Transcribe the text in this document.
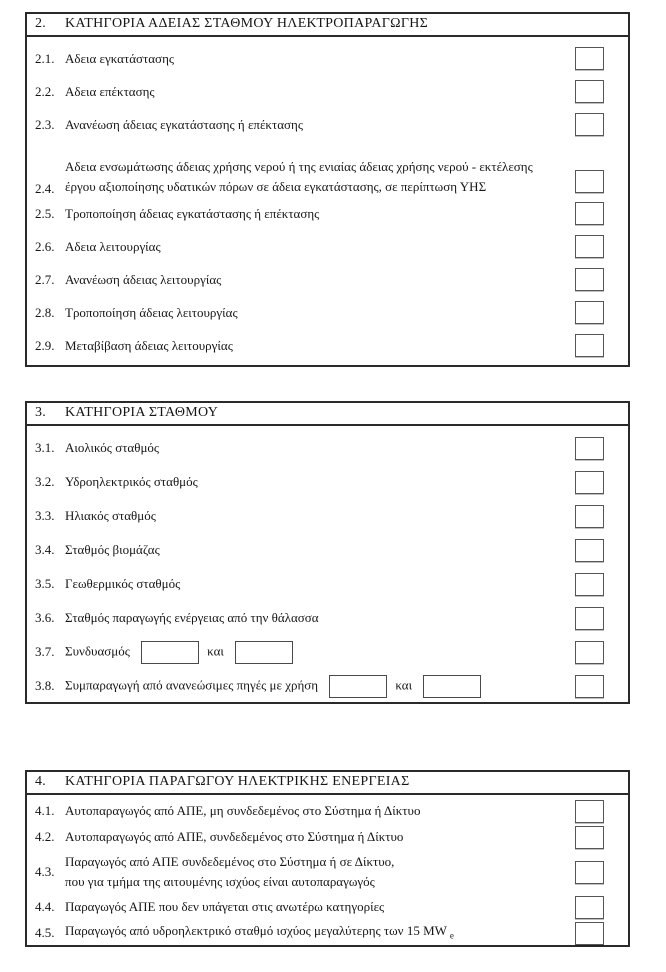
2.	ΚΑΤΗΓΟΡΙΑ ΑΔΕΙΑΣ ΣΤΑΘΜΟΥ ΗΛΕΚΤΡΟΠΑΡΑΓΩΓΗΣ
2.1. Αδεια εγκατάστασης
2.2. Αδεια επέκτασης
2.3. Ανανέωση άδειας εγκατάστασης ή επέκτασης
2.4.
Αδεια ενσωμάτωσης άδειας χρήσης νερού ή της ενιαίας άδειας χρήσης νερού - εκτέλεσης
έργου αξιοποίησης υδατικών πόρων σε άδεια εγκατάστασης, σε περίπτωση ΥΗΣ
2.5. Τροποποίηση άδειας εγκατάστασης ή επέκτασης
2.6. Αδεια λειτουργίας
2.7. Ανανέωση άδειας λειτουργίας
2.8. Τροποποίηση άδειας λειτουργίας
2.9. Μεταβίβαση άδειας λειτουργίας
3.	ΚΑΤΗΓΟΡΙΑ ΣΤΑΘΜΟΥ
3.1. Αιολικός σταθμός
3.2. Υδροηλεκτρικός σταθμός
3.3. Ηλιακός σταθμός
3.4. Σταθμός βιομάζας
3.5. Γεωθερμικός σταθμός
3.6. Σταθμός παραγωγής ενέργειας από την θάλασσα
3.7. Συνδυασμός	και
3.8. Συμπαραγωγή από ανανεώσιμες πηγές με χρήση	και
4.	ΚΑΤΗΓΟΡΙΑ ΠΑΡΑΓΩΓΟΥ ΗΛΕΚΤΡΙΚΗΣ ΕΝΕΡΓΕΙΑΣ
4.1. Αυτοπαραγωγός από ΑΠΕ, μη συνδεδεμένος στο Σύστημα ή Δίκτυο
4.2. Αυτοπαραγωγός από ΑΠΕ, συνδεδεμένος στο Σύστημα ή Δίκτυο
4.3.
Παραγωγός από ΑΠΕ συνδεδεμένος στο Σύστημα ή σε Δίκτυο,
που για τμήμα της αιτουμένης ισχύος είναι αυτοπαραγωγός
4.4. Παραγωγός ΑΠΕ που δεν υπάγεται στις ανωτέρω κατηγορίες
4.5. Παραγωγός από υδροηλεκτρικό σταθμό ισχύος μεγαλύτερης των 15 MW $_e$
